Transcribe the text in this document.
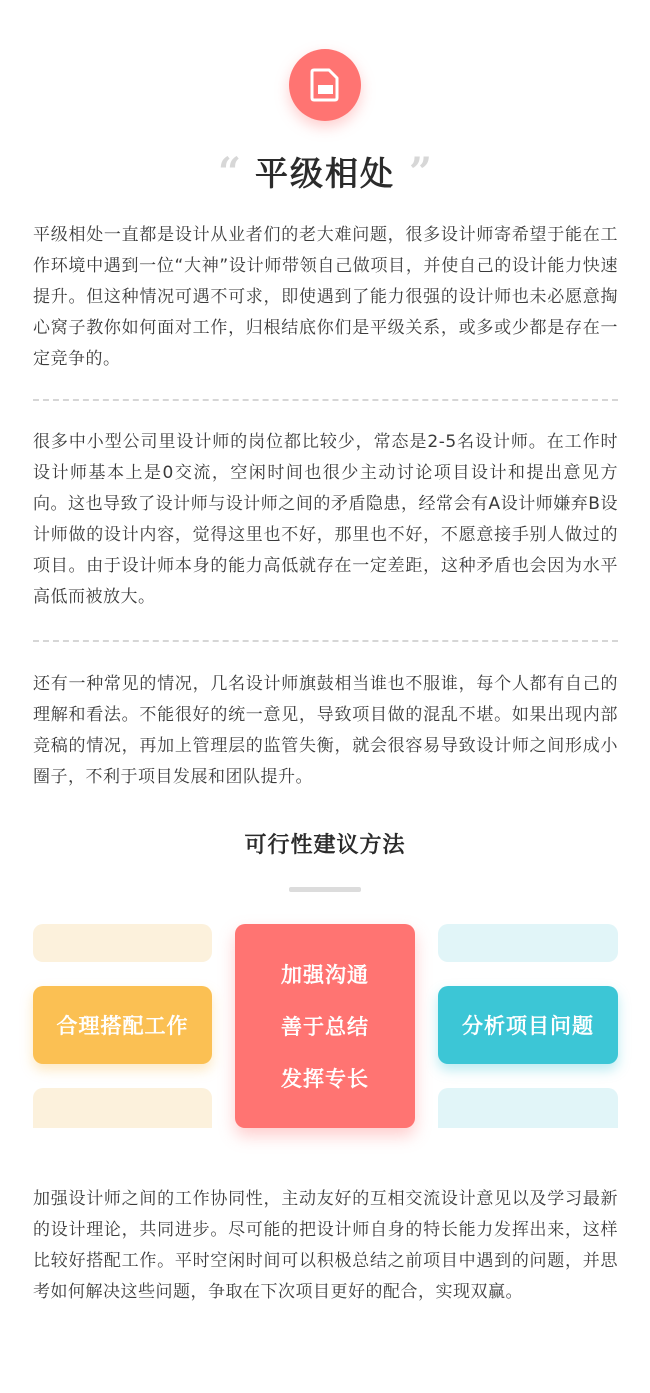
“ 平级相处 ”

平级相处一直都是设计从业者们的老大难问题，很多设计师寄希望于能在工作环境中遇到一位“大神”设计师带领自己做项目，并使自己的设计能力快速提升。但这种情况可遇不可求，即使遇到了能力很强的设计师也未必愿意掏心窝子教你如何面对工作，归根结底你们是平级关系，或多或少都是存在一定竞争的。

很多中小型公司里设计师的岗位都比较少，常态是2-5名设计师。在工作时设计师基本上是0交流，空闲时间也很少主动讨论项目设计和提出意见方向。这也导致了设计师与设计师之间的矛盾隐患，经常会有A设计师嫌弃B设计师做的设计内容，觉得这里也不好，那里也不好，不愿意接手别人做过的项目。由于设计师本身的能力高低就存在一定差距，这种矛盾也会因为水平高低而被放大。

还有一种常见的情况，几名设计师旗鼓相当谁也不服谁，每个人都有自己的理解和看法。不能很好的统一意见，导致项目做的混乱不堪。如果出现内部竞稿的情况，再加上管理层的监管失衡，就会很容易导致设计师之间形成小圈子，不利于项目发展和团队提升。

可行性建议方法
合理搭配工作
加强沟通
善于总结
发挥专长
分析项目问题

加强设计师之间的工作协同性，主动友好的互相交流设计意见以及学习最新的设计理论，共同进步。尽可能的把设计师自身的特长能力发挥出来，这样比较好搭配工作。平时空闲时间可以积极总结之前项目中遇到的问题，并思考如何解决这些问题，争取在下次项目更好的配合，实现双赢。
